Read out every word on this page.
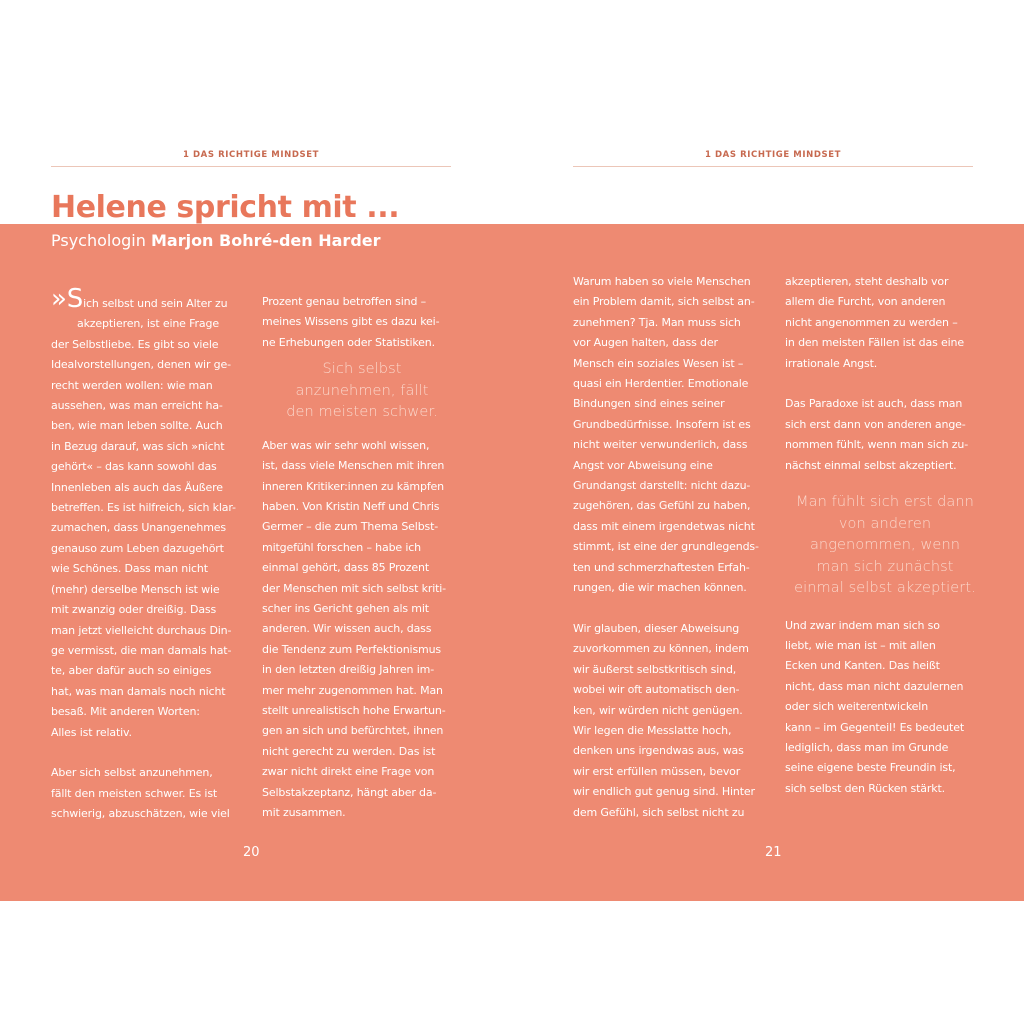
1 DAS RICHTIGE MINDSET	1 DAS RICHTIGE MINDSET
Helene spricht mit ...
Psychologin Marjon Bohré-den Harder

»Sich selbst und sein Alter zu
akzeptieren, ist eine Frage
der Selbstliebe. Es gibt so viele
Idealvorstellungen, denen wir ge-
recht werden wollen: wie man
aussehen, was man erreicht ha-
ben, wie man leben sollte. Auch
in Bezug darauf, was sich »nicht
gehört« – das kann sowohl das
Innenleben als auch das Äußere
betreffen. Es ist hilfreich, sich klar-
zumachen, dass Unangenehmes
genauso zum Leben dazugehört
wie Schönes. Dass man nicht
(mehr) derselbe Mensch ist wie
mit zwanzig oder dreißig. Dass
man jetzt vielleicht durchaus Din-
ge vermisst, die man damals hat-
te, aber dafür auch so einiges
hat, was man damals noch nicht
besaß. Mit anderen Worten:
Alles ist relativ.

Aber sich selbst anzunehmen,
fällt den meisten schwer. Es ist
schwierig, abzuschätzen, wie viel

Prozent genau betroffen sind –
meines Wissens gibt es dazu kei-
ne Erhebungen oder Statistiken.

Sich selbst
anzunehmen, fällt
den meisten schwer.

Aber was wir sehr wohl wissen,
ist, dass viele Menschen mit ihren
inneren Kritiker:innen zu kämpfen
haben. Von Kristin Neff und Chris
Germer – die zum Thema Selbst-
mitgefühl forschen – habe ich
einmal gehört, dass 85 Prozent
der Menschen mit sich selbst kriti-
scher ins Gericht gehen als mit
anderen. Wir wissen auch, dass
die Tendenz zum Perfektionismus
in den letzten dreißig Jahren im-
mer mehr zugenommen hat. Man
stellt unrealistisch hohe Erwartun-
gen an sich und befürchtet, ihnen
nicht gerecht zu werden. Das ist
zwar nicht direkt eine Frage von
Selbstakzeptanz, hängt aber da-
mit zusammen.

Warum haben so viele Menschen
ein Problem damit, sich selbst an-
zunehmen? Tja. Man muss sich
vor Augen halten, dass der
Mensch ein soziales Wesen ist –
quasi ein Herdentier. Emotionale
Bindungen sind eines seiner
Grundbedürfnisse. Insofern ist es
nicht weiter verwunderlich, dass
Angst vor Abweisung eine
Grundangst darstellt: nicht dazu-
zugehören, das Gefühl zu haben,
dass mit einem irgendetwas nicht
stimmt, ist eine der grundlegends-
ten und schmerzhaftesten Erfah-
rungen, die wir machen können.

Wir glauben, dieser Abweisung
zuvorkommen zu können, indem
wir äußerst selbstkritisch sind,
wobei wir oft automatisch den-
ken, wir würden nicht genügen.
Wir legen die Messlatte hoch,
denken uns irgendwas aus, was
wir erst erfüllen müssen, bevor
wir endlich gut genug sind. Hinter
dem Gefühl, sich selbst nicht zu

akzeptieren, steht deshalb vor
allem die Furcht, von anderen
nicht angenommen zu werden –
in den meisten Fällen ist das eine
irrationale Angst.

Das Paradoxe ist auch, dass man
sich erst dann von anderen ange-
nommen fühlt, wenn man sich zu-
nächst einmal selbst akzeptiert.

Man fühlt sich erst dann
von anderen
angenommen, wenn
man sich zunächst
einmal selbst akzeptiert.

Und zwar indem man sich so
liebt, wie man ist – mit allen
Ecken und Kanten. Das heißt
nicht, dass man nicht dazulernen
oder sich weiterentwickeln
kann – im Gegenteil! Es bedeutet
lediglich, dass man im Grunde
seine eigene beste Freundin ist,
sich selbst den Rücken stärkt.

20	21
